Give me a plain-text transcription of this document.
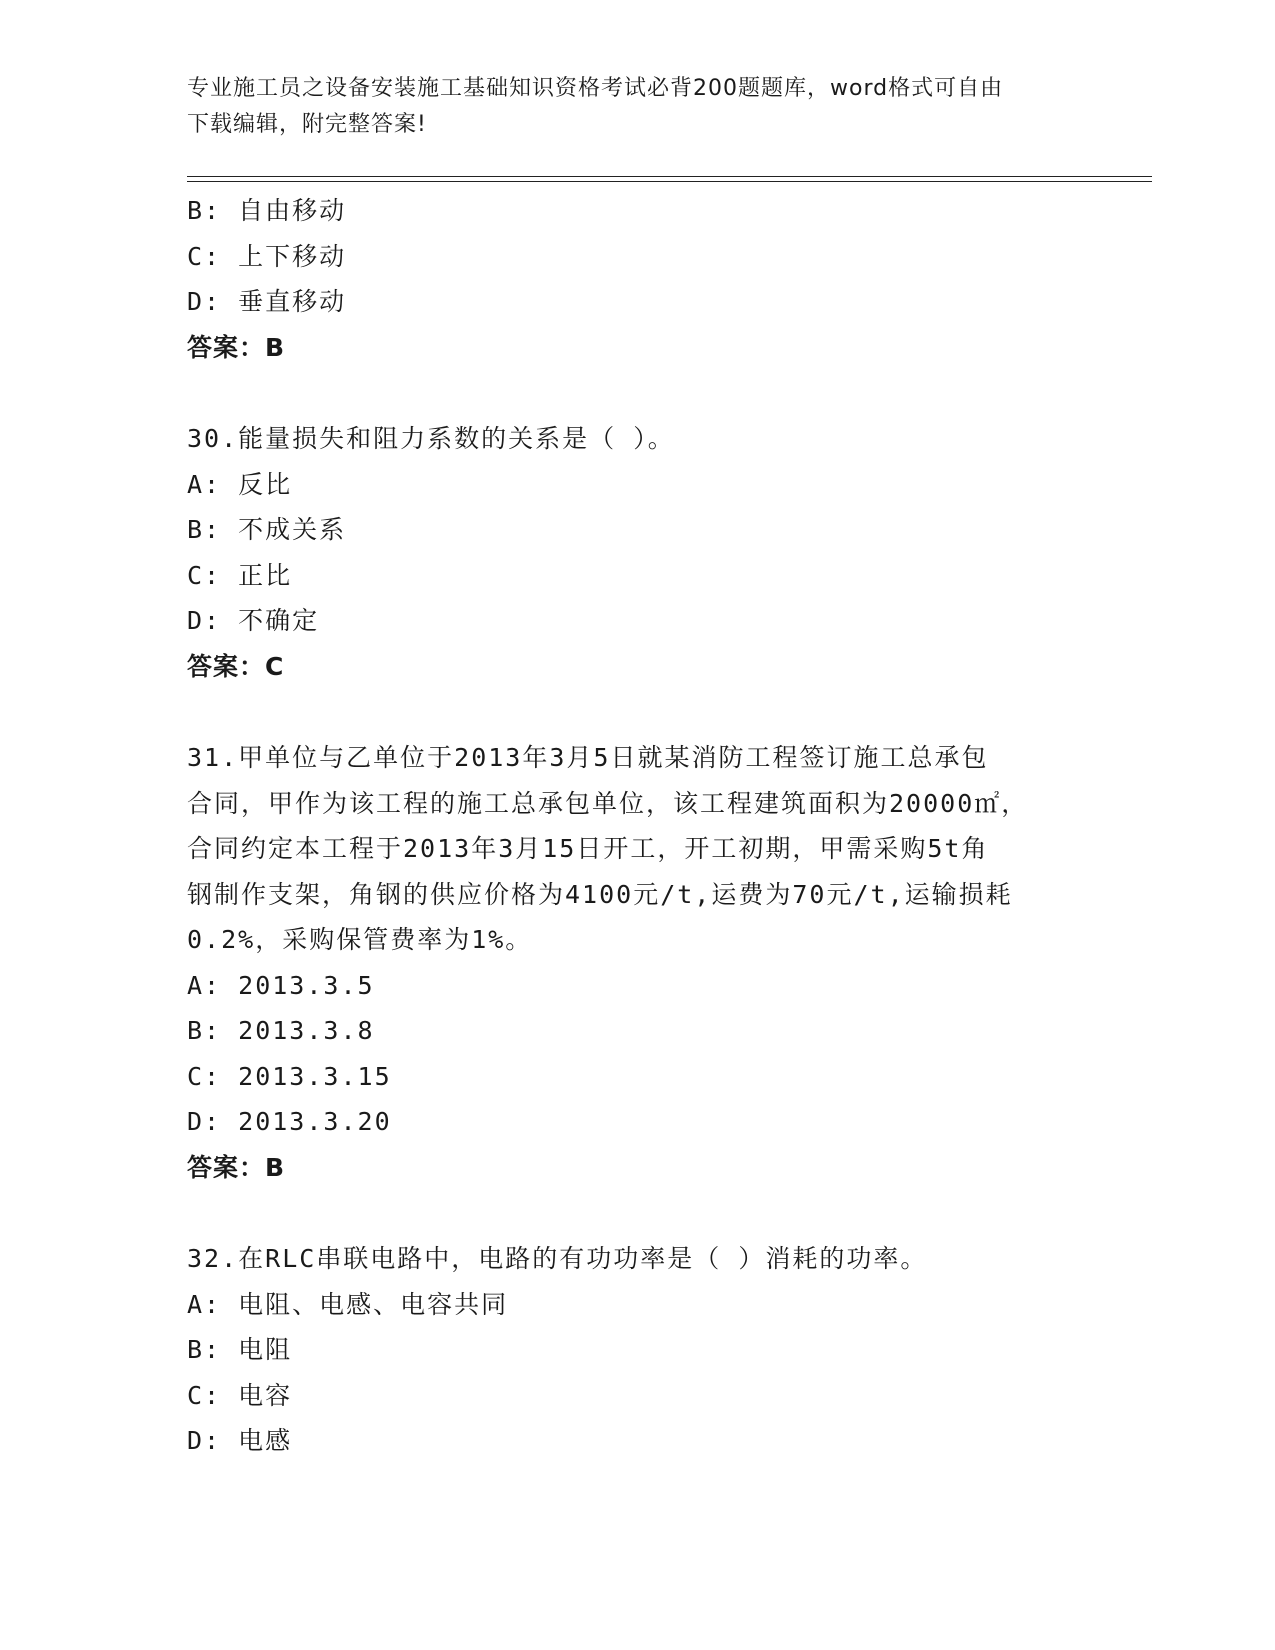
专业施工员之设备安装施工基础知识资格考试必背200题题库，word格式可自由
下载编辑，附完整答案!
B: 自由移动
C: 上下移动
D: 垂直移动
答案：B
30.能量损失和阻力系数的关系是（ ）。
A: 反比
B: 不成关系
C: 正比
D: 不确定
答案：C
31.甲单位与乙单位于2013年3月5日就某消防工程签订施工总承包
合同，甲作为该工程的施工总承包单位，该工程建筑面积为20000㎡，
合同约定本工程于2013年3月15日开工，开工初期，甲需采购5t角
钢制作支架，角钢的供应价格为4100元/t,运费为70元/t,运输损耗
0.2%，采购保管费率为1%。
A: 2013.3.5
B: 2013.3.8
C: 2013.3.15
D: 2013.3.20
答案：B
32.在RLC串联电路中，电路的有功功率是（ ）消耗的功率。
A: 电阻、电感、电容共同
B: 电阻
C: 电容
D: 电感
